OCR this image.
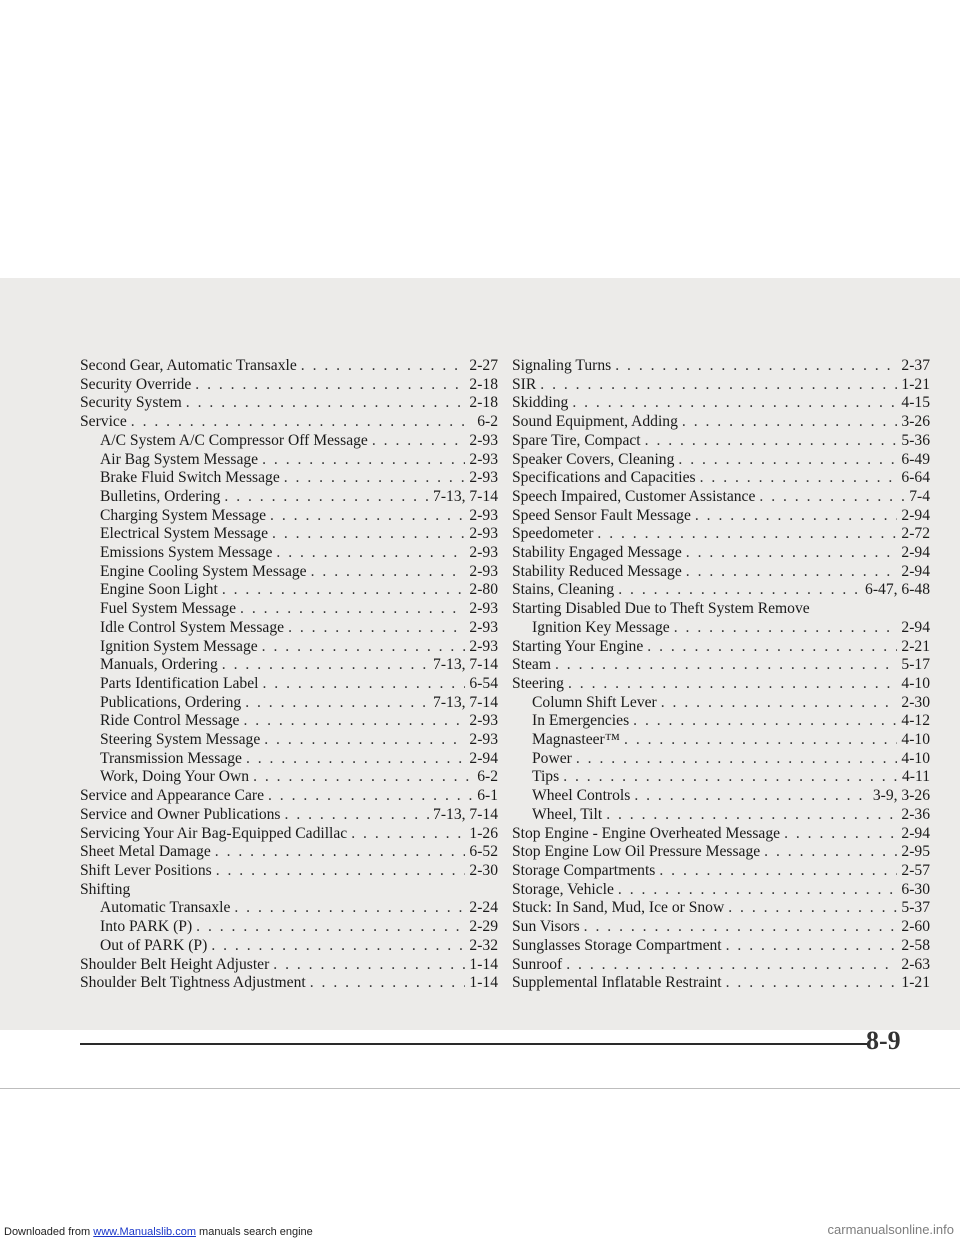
Second Gear, Automatic Transaxle . . .	2-27
Security Override . . .	2-18
Security System . . .	2-18
Service . . .	6-2
A/C System A/C Compressor Off Message . . .	2-93
Air Bag System Message . . .	2-93
Brake Fluid Switch Message . . .	2-93
Bulletins, Ordering . . .	7-13, 7-14
Charging System Message . . .	2-93
Electrical System Message . . .	2-93
Emissions System Message . . .	2-93
Engine Cooling System Message . . .	2-93
Engine Soon Light . . .	2-80
Fuel System Message . . .	2-93
Idle Control System Message . . .	2-93
Ignition System Message . . .	2-93
Manuals, Ordering . . .	7-13, 7-14
Parts Identification Label . . .	6-54
Publications, Ordering . . .	7-13, 7-14
Ride Control Message . . .	2-93
Steering System Message . . .	2-93
Transmission Message . . .	2-94
Work, Doing Your Own . . .	6-2
Service and Appearance Care . . .	6-1
Service and Owner Publications . . .	7-13, 7-14
Servicing Your Air Bag-Equipped Cadillac . . .	1-26
Sheet Metal Damage . . .	6-52
Shift Lever Positions . . .	2-30
Shifting
Automatic Transaxle . . .	2-24
Into PARK (P) . . .	2-29
Out of PARK (P) . . .	2-32
Shoulder Belt Height Adjuster . . .	1-14
Shoulder Belt Tightness Adjustment . . .	1-14
Signaling Turns . . .	2-37
SIR . . .	1-21
Skidding . . .	4-15
Sound Equipment, Adding . . .	3-26
Spare Tire, Compact . . .	5-36
Speaker Covers, Cleaning . . .	6-49
Specifications and Capacities . . .	6-64
Speech Impaired, Customer Assistance . . .	7-4
Speed Sensor Fault Message . . .	2-94
Speedometer . . .	2-72
Stability Engaged Message . . .	2-94
Stability Reduced Message . . .	2-94
Stains, Cleaning . . .	6-47, 6-48
Starting Disabled Due to Theft System Remove
Ignition Key Message . . .	2-94
Starting Your Engine . . .	2-21
Steam . . .	5-17
Steering . . .	4-10
Column Shift Lever . . .	2-30
In Emergencies . . .	4-12
Magnasteer™ . . .	4-10
Power . . .	4-10
Tips . . .	4-11
Wheel Controls . . .	3-9, 3-26
Wheel, Tilt . . .	2-36
Stop Engine - Engine Overheated Message . . .	2-94
Stop Engine Low Oil Pressure Message . . .	2-95
Storage Compartments . . .	2-57
Storage, Vehicle . . .	6-30
Stuck: In Sand, Mud, Ice or Snow . . .	5-37
Sun Visors . . .	2-60
Sunglasses Storage Compartment . . .	2-58
Sunroof . . .	2-63
Supplemental Inflatable Restraint . . .	1-21
8-9
Downloaded from www.Manualslib.com manuals search engine	carmanualsonline.info
